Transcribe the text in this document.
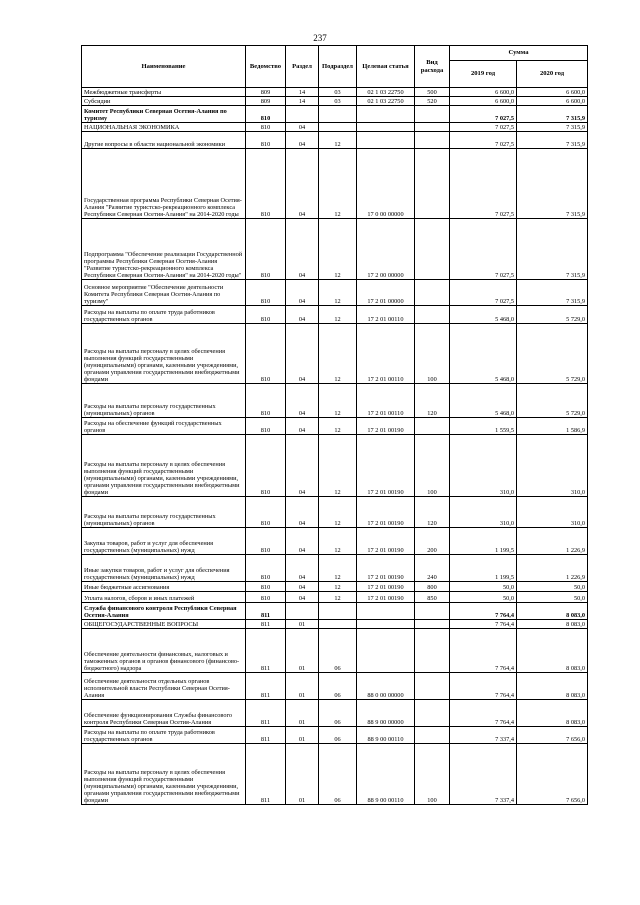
237
Наименование	Ведомство	Раздел	Подраздел	Целевая статья	Вид расхода	Сумма	
						2019 год	2020 год
Межбюджетные трансферты	809	14	03	02 1 03 22750	500	6 600,0	6 600,0
Субсидии	809	14	03	02 1 03 22750	520	6 600,0	6 600,0
Комитет Республики Северная Осетия-Алания по туризму	810					7 027,5	7 315,9
НАЦИОНАЛЬНАЯ ЭКОНОМИКА	810	04				7 027,5	7 315,9
Другие вопросы в области национальной экономики	810	04	12			7 027,5	7 315,9
Государственная программа Республики Северная Осетия-Алания "Развитие туристско-рекреационного комплекса Республики Северная Осетия-Алания" на 2014-2020 годы	810	04	12	17 0 00 00000		7 027,5	7 315,9
Подпрограмма "Обеспечение реализации Государственной программы Республики Северная Осетия-Алания "Развитие туристско-рекреационного комплекса Республики Северная Осетия-Алания" на 2014-2020 годы"	810	04	12	17 2 00 00000		7 027,5	7 315,9
Основное мероприятие "Обеспечение деятельности Комитета Республики Северная Осетия-Алания по туризму"	810	04	12	17 2 01 00000		7 027,5	7 315,9
Расходы на выплаты по оплате труда работников государственных органов	810	04	12	17 2 01 00110		5 468,0	5 729,0
Расходы на выплаты персоналу в целях обеспечения выполнения функций государственными (муниципальными) органами, казенными учреждениями, органами управления государственными внебюджетными фондами	810	04	12	17 2 01 00110	100	5 468,0	5 729,0
Расходы на выплаты персоналу государственных (муниципальных) органов	810	04	12	17 2 01 00110	120	5 468,0	5 729,0
Расходы на обеспечение функций государственных органов	810	04	12	17 2 01 00190		1 559,5	1 586,9
Расходы на выплаты персоналу в целях обеспечения выполнения функций государственными (муниципальными) органами, казенными учреждениями, органами управления государственными внебюджетными фондами	810	04	12	17 2 01 00190	100	310,0	310,0
Расходы на выплаты персоналу государственных (муниципальных) органов	810	04	12	17 2 01 00190	120	310,0	310,0
Закупка товаров, работ и услуг для обеспечения государственных (муниципальных) нужд	810	04	12	17 2 01 00190	200	1 199,5	1 226,9
Иные закупки товаров, работ и услуг для обеспечения государственных (муниципальных) нужд	810	04	12	17 2 01 00190	240	1 199,5	1 226,9
Иные бюджетные ассигнования	810	04	12	17 2 01 00190	800	50,0	50,0
Уплата налогов, сборов и иных платежей	810	04	12	17 2 01 00190	850	50,0	50,0
Служба финансового контроля Республики Северная Осетия-Алания	811					7 764,4	8 083,0
ОБЩЕГОСУДАРСТВЕННЫЕ ВОПРОСЫ	811	01				7 764,4	8 083,0
Обеспечение деятельности финансовых, налоговых и таможенных органов и органов финансового (финансово-бюджетного) надзора	811	01	06			7 764,4	8 083,0
Обеспечение деятельности отдельных органов исполнительной власти Республики Северная Осетия-Алания	811	01	06	88 0 00 00000		7 764,4	8 083,0
Обеспечение функционирования Службы финансового контроля Республики Северная Осетия-Алания	811	01	06	88 9 00 00000		7 764,4	8 083,0
Расходы на выплаты по оплате труда работников государственных органов	811	01	06	88 9 00 00110		7 337,4	7 656,0
Расходы на выплаты персоналу в целях обеспечения выполнения функций государственными (муниципальными) органами, казенными учреждениями, органами управления государственными внебюджетными фондами	811	01	06	88 9 00 00110	100	7 337,4	7 656,0
